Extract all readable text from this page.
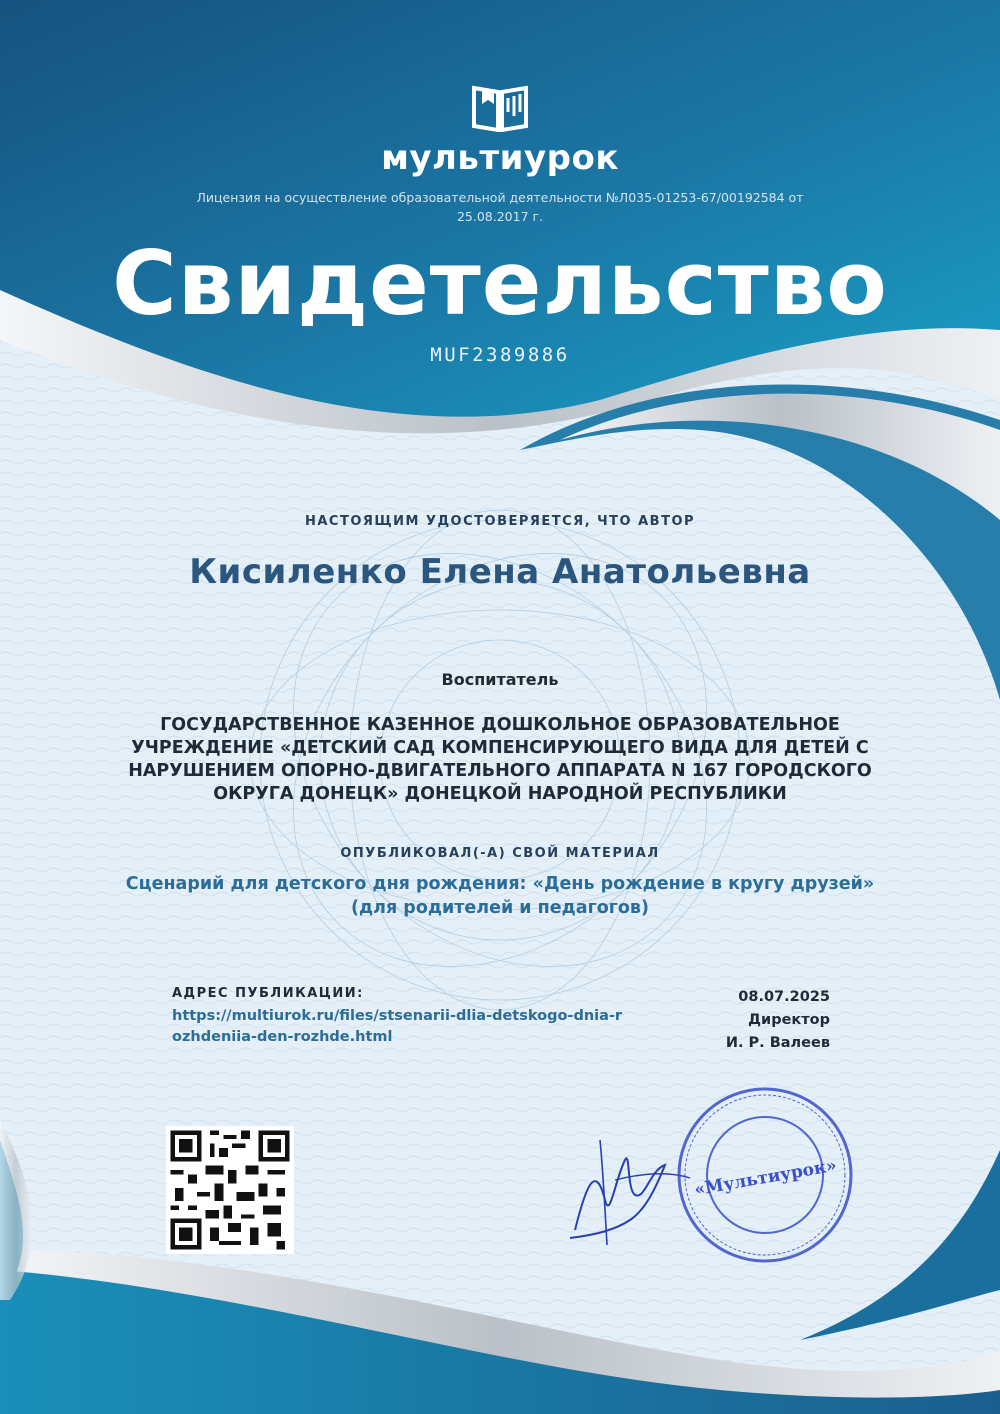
мультиурок
Лицензия на осуществление образовательной деятельности №Л035-01253-67/00192584 от 25.08.2017 г.
Свидетельство
MUF2389886
НАСТОЯЩИМ УДОСТОВЕРЯЕТСЯ, ЧТО АВТОР
Кисиленко Елена Анатольевна
Воспитатель
ГОСУДАРСТВЕННОЕ КАЗЕННОЕ ДОШКОЛЬНОЕ ОБРАЗОВАТЕЛЬНОЕ УЧРЕЖДЕНИЕ «ДЕТСКИЙ САД КОМПЕНСИРУЮЩЕГО ВИДА ДЛЯ ДЕТЕЙ С НАРУШЕНИЕМ ОПОРНО-ДВИГАТЕЛЬНОГО АППАРАТА N 167 ГОРОДСКОГО ОКРУГА ДОНЕЦК» ДОНЕЦКОЙ НАРОДНОЙ РЕСПУБЛИКИ
ОПУБЛИКОВАЛ(-А) СВОЙ МАТЕРИАЛ
Сценарий для детского дня рождения: «День рождение в кругу друзей» (для родителей и педагогов)
АДРЕС ПУБЛИКАЦИИ:
https://multiurok.ru/files/stsenarii-dlia-detskogo-dnia-rozhdeniia-den-rozhde.html
08.07.2025
Директор
И. Р. Валеев
«Мультиурок»
